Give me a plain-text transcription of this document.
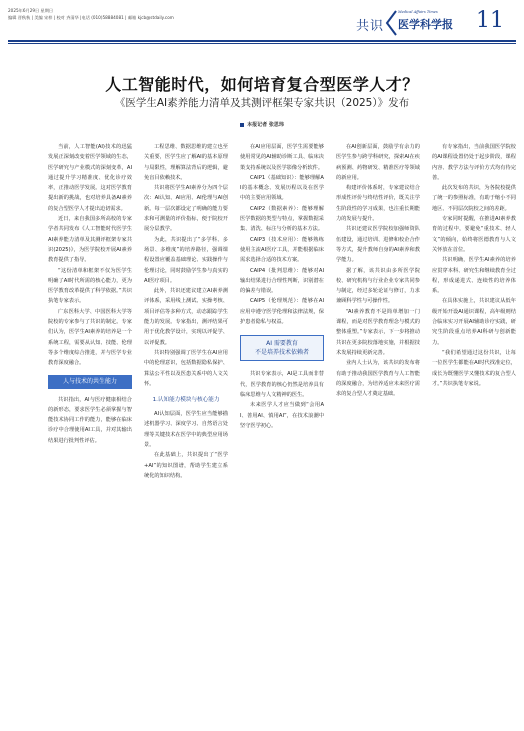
2025年6月29日 星期日
编辑 晋秋秋 | 美编 宋梓 | 校对 齐清华 |电话 (010)58884081 | 邮箱 kjcb@stdaily.com
共识
Medical Affairs Times
医学科学报	11
人工智能时代，如何培育复合型医学人才？
《医学生AI素养能力清单及其测评框架专家共识（2025）》发布
本报记者 张思玮

当前，人工智能(AI)技术的迅猛发展正深刻改变着医学领域的生态，医学研究与产业模式的深刻变革，AI通过提升学习精准度、优化诊疗效率，正推动医学发展。这对医学教育提出新的挑战，也对培养具备AI素养的复合型医学人才提出迫切需求。

近日，来自我国多所高校的专家学者共同发布《人工智能时代医学生AI素养能力清单及其测评框架专家共识(2025)》，为医学院校开展AI素养教育提供了指导。

“这份清单和框架不仅为医学生明确了AI时代所需的核心能力，更为医学教育改革提供了科学依据。”共识执笔专家表示。

广东医科大学、中国医科大学等院校的专家参与了共识的制定。专家们认为，医学生AI素养的培养是一个系统工程，需要从认知、技能、伦理等多个维度综合推进，并与医学专业教育深度融合。

人与技术的共生能力

共识指出，AI与医疗健康相结合的新形态，要求医学生必须掌握与智能技术协同工作的能力，能够在临床诊疗中合理使用AI工具，并对其输出结果进行批判性评估。

工程思维、数据思维的建立也至关重要，医学生应了解AI的基本原理与局限性，理解算法背后的逻辑，避免盲目依赖技术。

共识将医学生AI素养分为四个层次：AI认知、AI应用、AI伦理与AI创新。每一层次都设定了明确的能力要求和可测量的评价指标，便于院校开展分层教学。

为此，共识提出了“多学科、多场景、多维度”的培养路径，强调课程设置应覆盖基础理论、实践操作与伦理讨论，同时鼓励学生参与真实的AI医疗项目。

此外，共识还建议建立AI素养测评体系，采用线上测试、实操考核、项目评估等多种方式，动态跟踪学生能力的发展。专家指出，测评结果可用于优化教学设计，实现以评促学、以评促教。

共识特别强调了医学生在AI应用中的伦理意识，包括数据隐私保护、算法公平性以及医患关系中的人文关怀。

1.认知能力模块与核心能力

AI认知层面，医学生应当能够描述机器学习、深度学习、自然语言处理等关键技术在医学中的典型应用场景。

在此基础上，共识提出了“医学+AI”的知识图谱，帮助学生建立系统化的知识结构。

在AI应用层面，医学生需要能够使用常见的AI辅助诊断工具、临床决策支持系统以及医学影像分析软件。

CAIP1（基础知识）：能够理解AI的基本概念、发展历程以及在医学中的主要应用领域。

CAIP2（数据素养）：能够理解医学数据的类型与特点，掌握数据采集、清洗、标注与分析的基本方法。

CAIP3（技术应用）：能够熟练使用主流AI医疗工具，并能根据临床需求选择合适的技术方案。

CAIP4（批判思维）：能够对AI输出结果进行合理性判断，识别潜在的偏差与错误。

CAIP5（伦理规范）：能够在AI应用中遵守医学伦理和法律法规，保护患者隐私与权益。

AI 需要教育
不是培养技术依赖者

共识专家表示，AI是工具而非替代，医学教育的核心仍然是培养具有临床思维与人文精神的医生。

未来医学人才应当做到“会用AI、善用AI、慎用AI”，在技术浪潮中坚守医学初心。

在AI创新层面，鼓励学有余力的医学生参与跨学科研究，探索AI在疾病预测、药物研发、精准医疗等领域的新应用。

构建评价体系时，专家建议结合形成性评价与终结性评价，既关注学生阶段性的学习成果，也注重长期能力的发展与提升。

共识还建议医学院校加强师资队伍建设，通过培训、进修和校企合作等方式，提升教师自身的AI素养和教学能力。

据了解，该共识由多所医学院校、研究机构与行业企业专家共同参与制定，经过多轮论证与修订，力求兼顾科学性与可操作性。

“AI素养教育不是简单增加一门课程，而是对医学教育理念与模式的整体重塑。”专家表示，下一步将推动共识在更多院校落地实施，并根据技术发展持续更新完善。

业内人士认为，该共识的发布将有助于推动我国医学教育与人工智能的深度融合，为培养适应未来医疗需求的复合型人才奠定基础。

有专家指出，当前我国医学院校的AI课程设置仍处于起步阶段，课程内容、教学方法与评价方式均有待完善。

此次发布的共识，为各院校提供了统一的参照标准，有助于缩小不同地区、不同层次院校之间的差距。

专家同时提醒，在推进AI素养教育的过程中，要避免“重技术、轻人文”的倾向，始终将医德教育与人文关怀放在首位。

共识明确，医学生AI素养的培养应贯穿本科、研究生和继续教育全过程，形成递进式、连续性的培养体系。

在具体实施上，共识建议从低年级开始开设AI通识课程，高年级则结合临床实习开展AI辅助诊疗实践，研究生阶段重点培养AI科研与创新能力。

“我们希望通过这份共识，让每一位医学生都能在AI时代找准定位，成长为既懂医学又懂技术的复合型人才。”共识执笔专家说。
